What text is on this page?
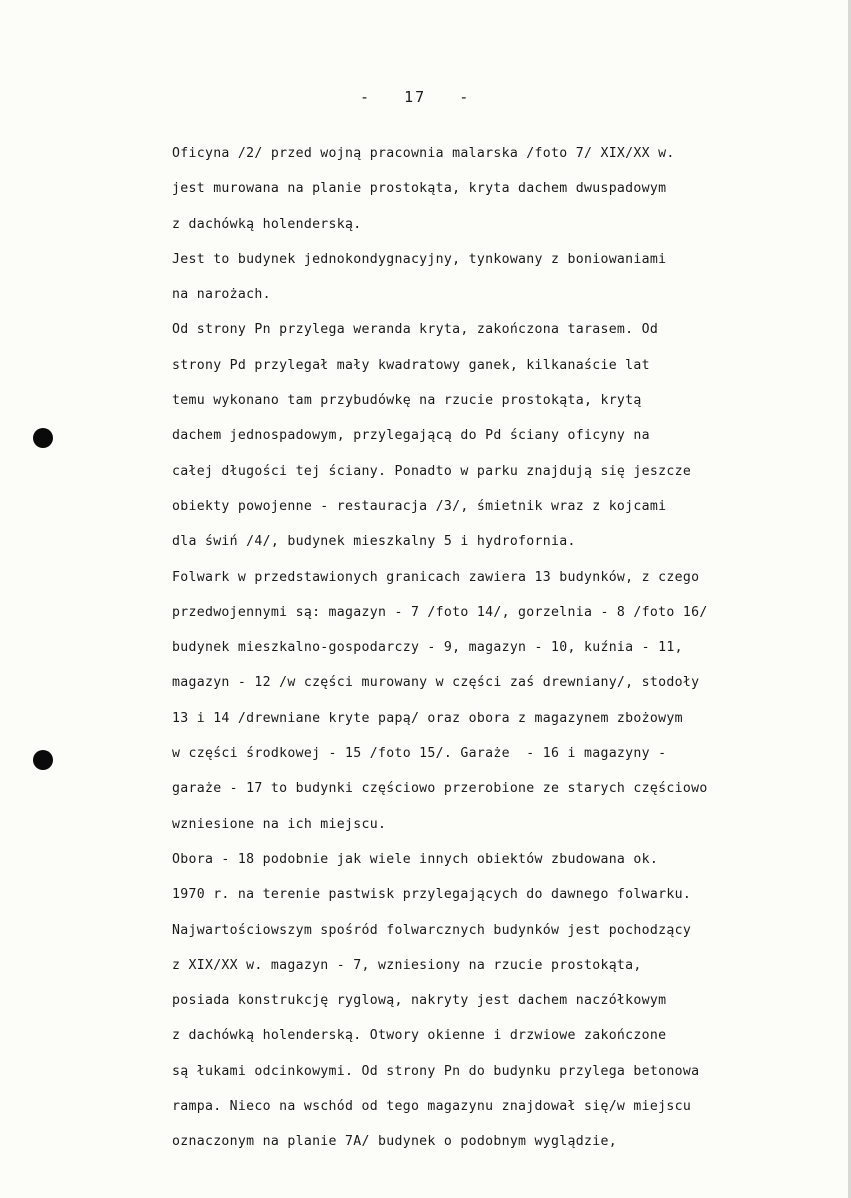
-   17   -
Oficyna /2/ przed wojną pracownia malarska /foto 7/ XIX/XX w.
jest murowana na planie prostokąta, kryta dachem dwuspadowym
z dachówką holenderską.
Jest to budynek jednokondygnacyjny, tynkowany z boniowaniami
na narożach.
Od strony Pn przylega weranda kryta, zakończona tarasem. Od
strony Pd przylegał mały kwadratowy ganek, kilkanaście lat
temu wykonano tam przybudówkę na rzucie prostokąta, krytą
dachem jednospadowym, przylegającą do Pd ściany oficyny na
całej długości tej ściany. Ponadto w parku znajdują się jeszcze
obiekty powojenne - restauracja /3/, śmietnik wraz z kojcami
dla świń /4/, budynek mieszkalny 5 i hydrofornia.
Folwark w przedstawionych granicach zawiera 13 budynków, z czego
przedwojennymi są: magazyn - 7 /foto 14/, gorzelnia - 8 /foto 16/
budynek mieszkalno-gospodarczy - 9, magazyn - 10, kuźnia - 11,
magazyn - 12 /w części murowany w części zaś drewniany/, stodoły
13 i 14 /drewniane kryte papą/ oraz obora z magazynem zbożowym
w części środkowej - 15 /foto 15/. Garaże  - 16 i magazyny -
garaże - 17 to budynki częściowo przerobione ze starych częściowo
wzniesione na ich miejscu.
Obora - 18 podobnie jak wiele innych obiektów zbudowana ok.
1970 r. na terenie pastwisk przylegających do dawnego folwarku.
Najwartościowszym spośród folwarcznych budynków jest pochodzący
z XIX/XX w. magazyn - 7, wzniesiony na rzucie prostokąta,
posiada konstrukcję ryglową, nakryty jest dachem naczółkowym
z dachówką holenderską. Otwory okienne i drzwiowe zakończone
są łukami odcinkowymi. Od strony Pn do budynku przylega betonowa
rampa. Nieco na wschód od tego magazynu znajdował się/w miejscu
oznaczonym na planie 7A/ budynek o podobnym wyglądzie,
